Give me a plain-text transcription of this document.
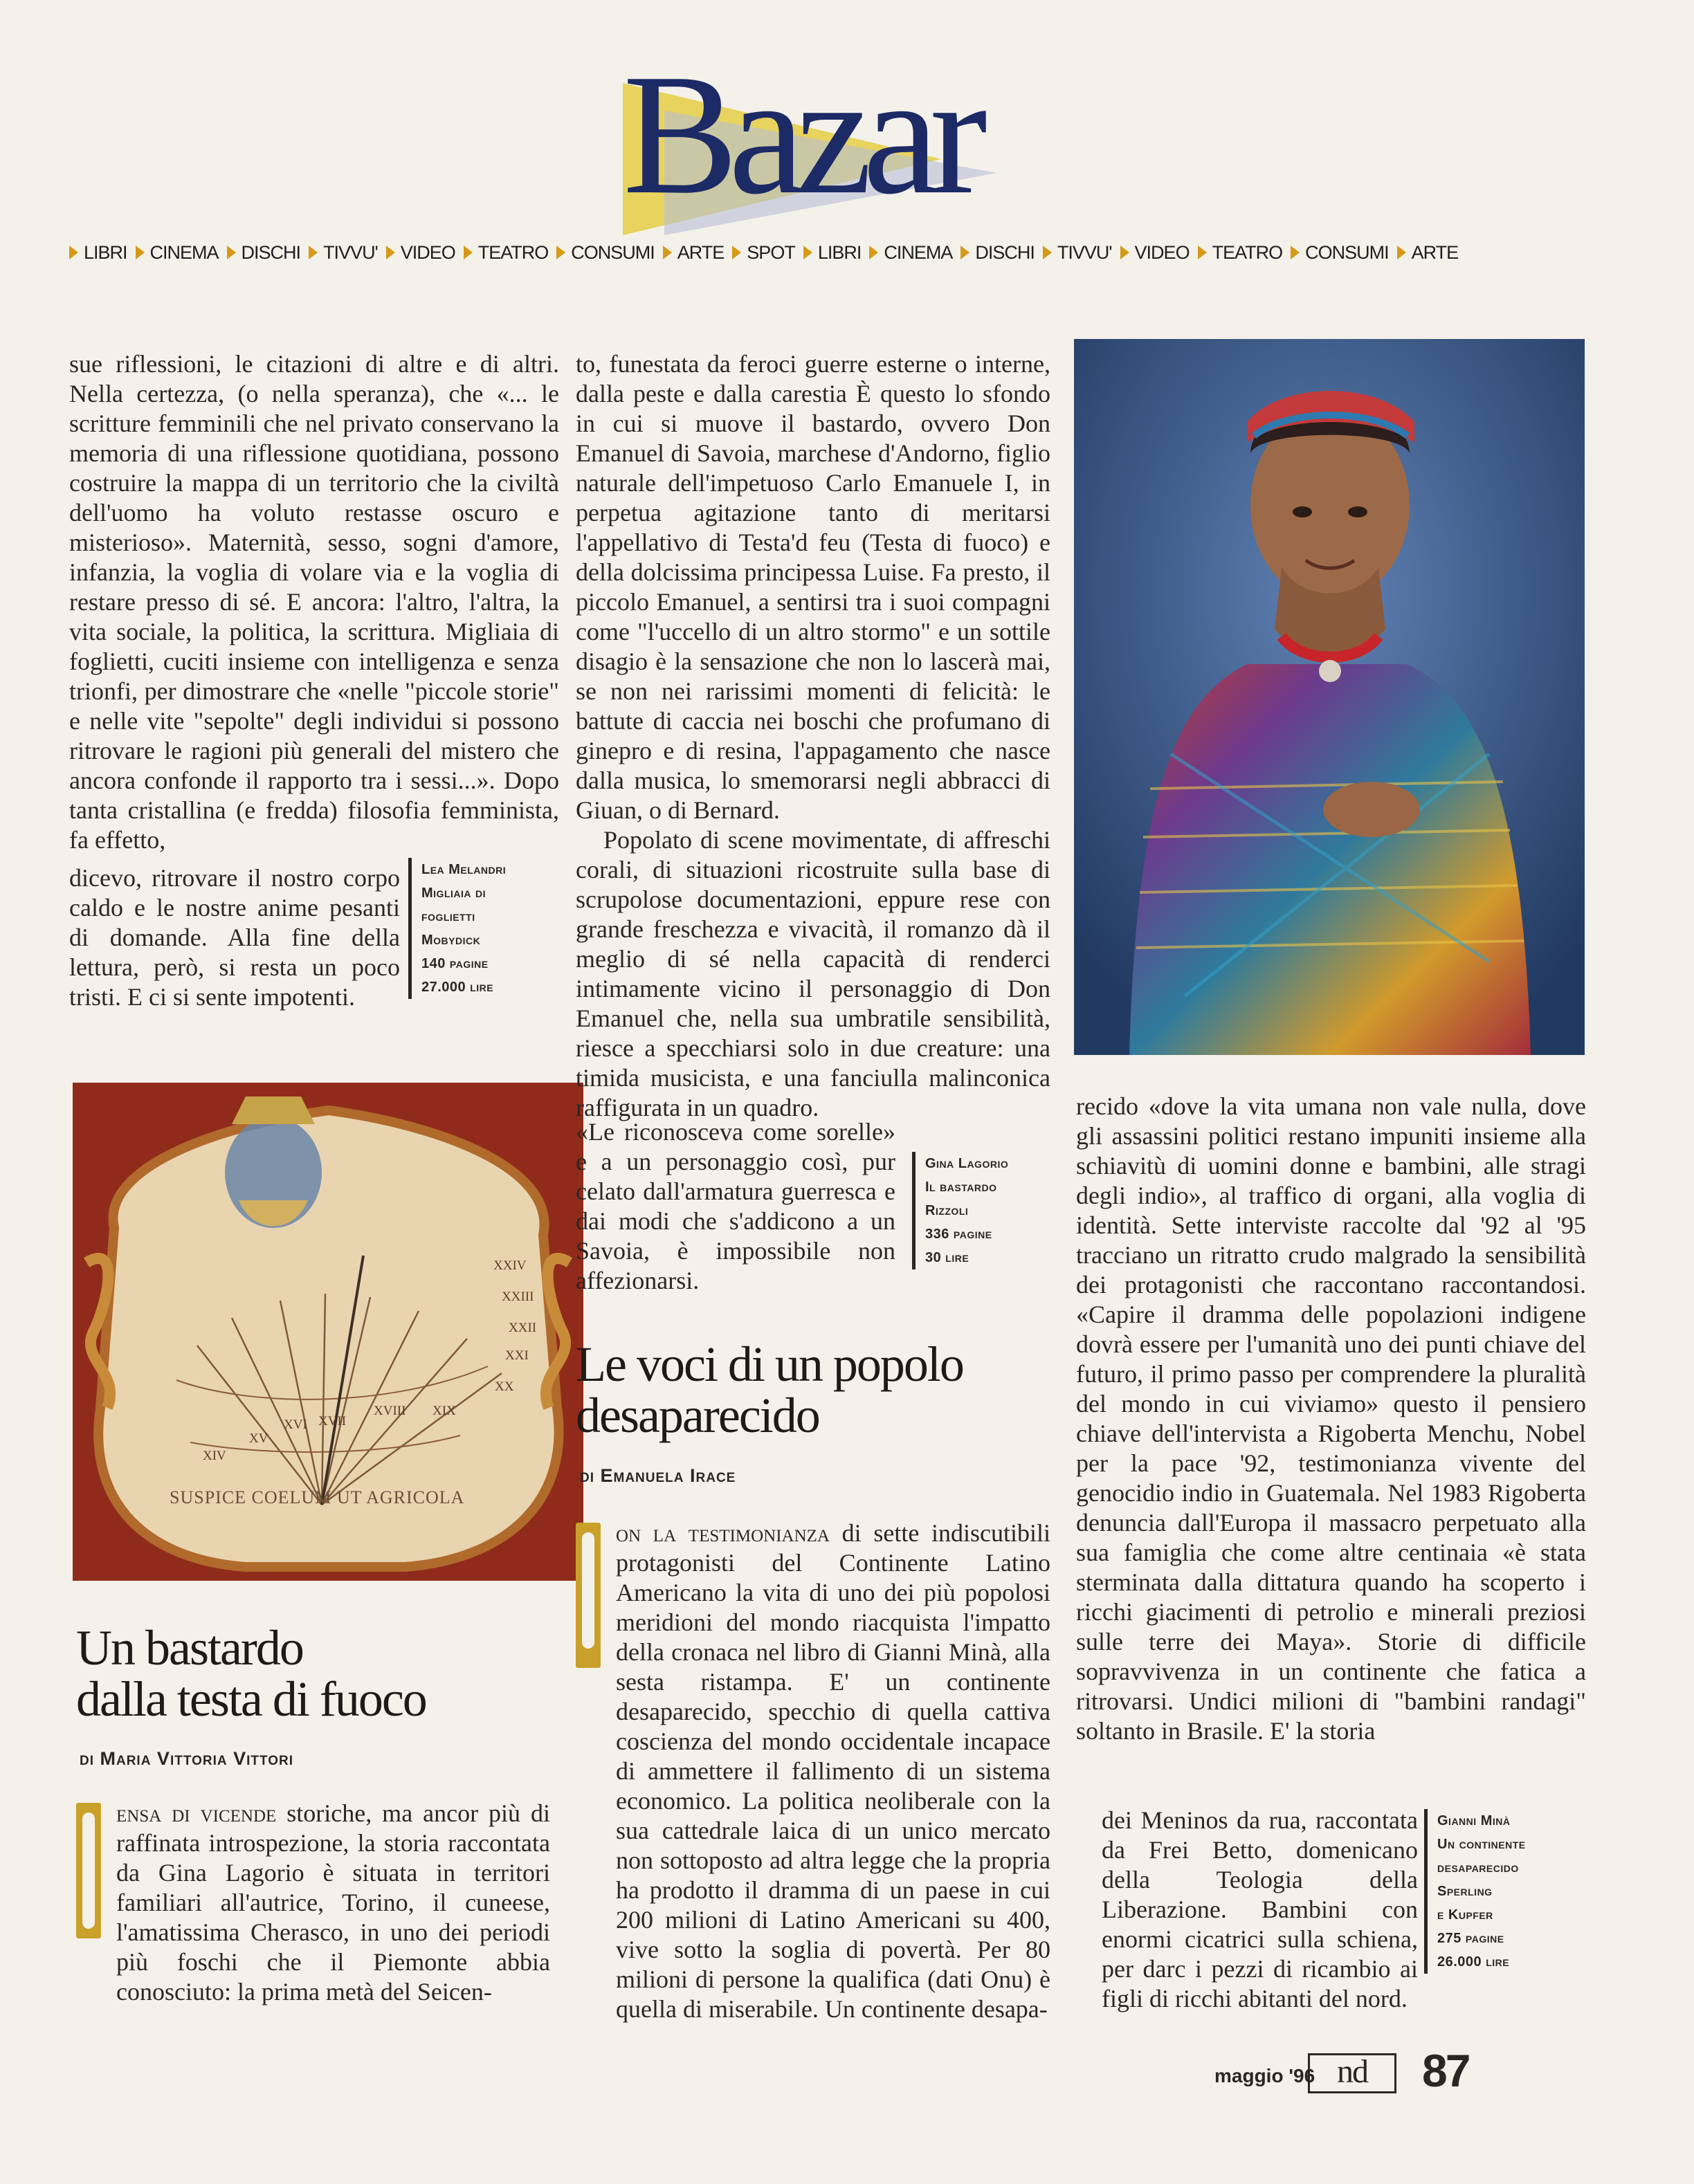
Bazar
LIBRI CINEMA DISCHI TIVVU' VIDEO TEATRO CONSUMI ARTE SPOT LIBRI CINEMA DISCHI TIVVU' VIDEO TEATRO CONSUMI ARTE

sue riflessioni, le citazioni di altre e di altri. Nella certezza, (o nella speranza), che «... le scritture femminili che nel privato conservano la memoria di una riflessione quotidiana, possono costruire la mappa di un territorio che la civiltà dell'uomo ha voluto restasse oscuro e misterioso». Maternità, sesso, sogni d'amore, infanzia, la voglia di volare via e la voglia di restare presso di sé. E ancora: l'altro, l'altra, la vita sociale, la politica, la scrittura. Migliaia di foglietti, cuciti insieme con intelligenza e senza trionfi, per dimostrare che «nelle "piccole storie" e nelle vite "sepolte" degli individui si possono ritrovare le ragioni più generali del mistero che ancora confonde il rapporto tra i sessi...». Dopo tanta cristallina (e fredda) filosofia femminista, fa effetto,

dicevo, ritrovare il nostro corpo caldo e le nostre anime pesanti di domande. Alla fine della lettura, però, si resta un poco tristi. E ci si sente impotenti.

Lea Melandri
Migliaia di
foglietti
Mobydick
140 pagine
27.000 lire
SUSPICE COELUM UT AGRICOLA
XIV
XV
XVI XVII
XVIII XIX
XX
XXI
XXII
XXIII
XXIV
Un bastardo
dalla testa di fuoco
di Maria Vittoria Vittori

ensa di vicende storiche, ma ancor più di raffinata introspezione, la storia raccontata da Gina Lagorio è situata in territori familiari all'autrice, Torino, il cuneese, l'amatissima Cherasco, in uno dei periodi più foschi che il Piemonte abbia conosciuto: la prima metà del Seicen-

to, funestata da feroci guerre esterne o interne, dalla peste e dalla carestia È questo lo sfondo in cui si muove il bastardo, ovvero Don Emanuel di Savoia, marchese d'Andorno, figlio naturale dell'impetuoso Carlo Emanuele I, in perpetua agitazione tanto di meritarsi l'appellativo di Testa'd feu (Testa di fuoco) e della dolcissima principessa Luise. Fa presto, il piccolo Emanuel, a sentirsi tra i suoi compagni come "l'uccello di un altro stormo" e un sottile disagio è la sensazione che non lo lascerà mai, se non nei rarissimi momenti di felicità: le battute di caccia nei boschi che profumano di ginepro e di resina, l'appagamento che nasce dalla musica, lo smemorarsi negli abbracci di Giuan, o di Bernard.

Popolato di scene movimentate, di affreschi corali, di situazioni ricostruite sulla base di scrupolose documentazioni, eppure rese con grande freschezza e vivacità, il romanzo dà il meglio di sé nella capacità di renderci intimamente vicino il personaggio di Don Emanuel che, nella sua umbratile sensibilità, riesce a specchiarsi solo in due creature: una timida musicista, e una fanciulla malinconica raffigurata in un quadro.

«Le riconosceva come sorelle» e a un personaggio così, pur celato dall'armatura guerresca e dai modi che s'addicono a un Savoia, è impossibile non affezionarsi.

Gina Lagorio
Il bastardo
Rizzoli
336 pagine
30 lire
Le voci di un popolo
desaparecido
di Emanuela Irace

on la testimonianza di sette indiscutibili protagonisti del Continente Latino Americano la vita di uno dei più popolosi meridioni del mondo riacquista l'impatto della cronaca nel libro di Gianni Minà, alla sesta ristampa. E' un continente desaparecido, specchio di quella cattiva coscienza del mondo occidentale incapace di ammettere il fallimento di un sistema economico. La politica neoliberale con la sua cattedrale laica di un unico mercato non sottoposto ad altra legge che la propria ha prodotto il dramma di un paese in cui 200 milioni di Latino Americani su 400, vive sotto la soglia di povertà. Per 80 milioni di persone la qualifica (dati Onu) è quella di miserabile. Un continente desapa-

recido «dove la vita umana non vale nulla, dove gli assassini politici restano impuniti insieme alla schiavitù di uomini donne e bambini, alle stragi degli indio», al traffico di organi, alla voglia di identità. Sette interviste raccolte dal '92 al '95 tracciano un ritratto crudo malgrado la sensibilità dei protagonisti che raccontano raccontandosi. «Capire il dramma delle popolazioni indigene dovrà essere per l'umanità uno dei punti chiave del futuro, il primo passo per comprendere la pluralità del mondo in cui viviamo» questo il pensiero chiave dell'intervista a Rigoberta Menchu, Nobel per la pace '92, testimonianza vivente del genocidio indio in Guatemala. Nel 1983 Rigoberta denuncia dall'Europa il massacro perpetuato alla sua famiglia che come altre centinaia «è stata sterminata dalla dittatura quando ha scoperto i ricchi giacimenti di petrolio e minerali preziosi sulle terre dei Maya». Storie di difficile sopravvivenza in un continente che fatica a ritrovarsi. Undici milioni di "bambini randagi" soltanto in Brasile. E' la storia

dei Meninos da rua, raccontata da Frei Betto, domenicano della Teologia della Liberazione. Bambini con enormi cicatrici sulla schiena, per darc i pezzi di ricambio ai figli di ricchi abitanti del nord.

Gianni Minà
Un continente
desaparecido
Sperling
e Kupfer
275 pagine
26.000 lire
maggio '96 nd	87
